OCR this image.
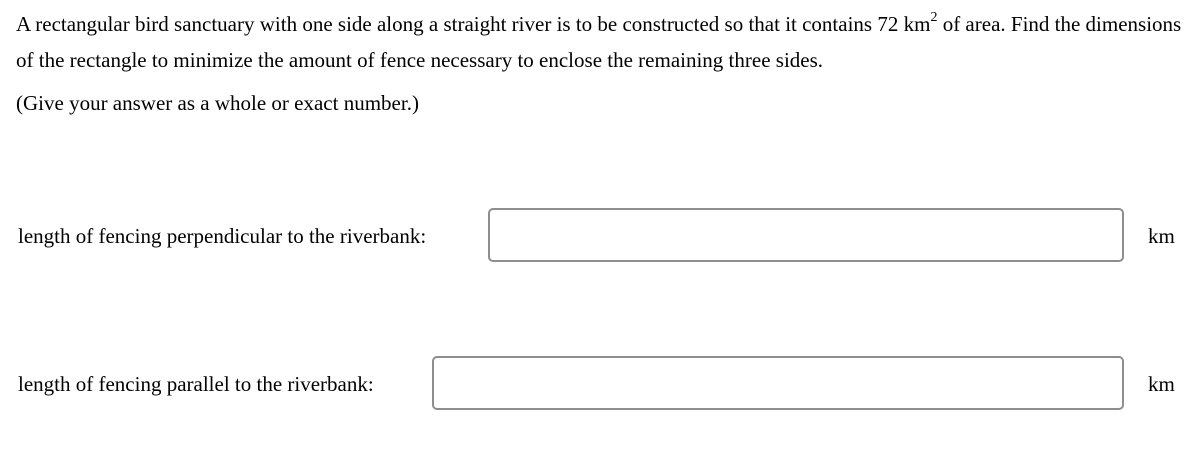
A rectangular bird sanctuary with one side along a straight river is to be constructed so that it contains 72 $km^2$ of area. Find the dimensions of the rectangle to minimize the amount of fence necessary to enclose the remaining three sides.

(Give your answer as a whole or exact number.)
length of fencing perpendicular to the riverbank:	km
length of fencing parallel to the riverbank:	km
